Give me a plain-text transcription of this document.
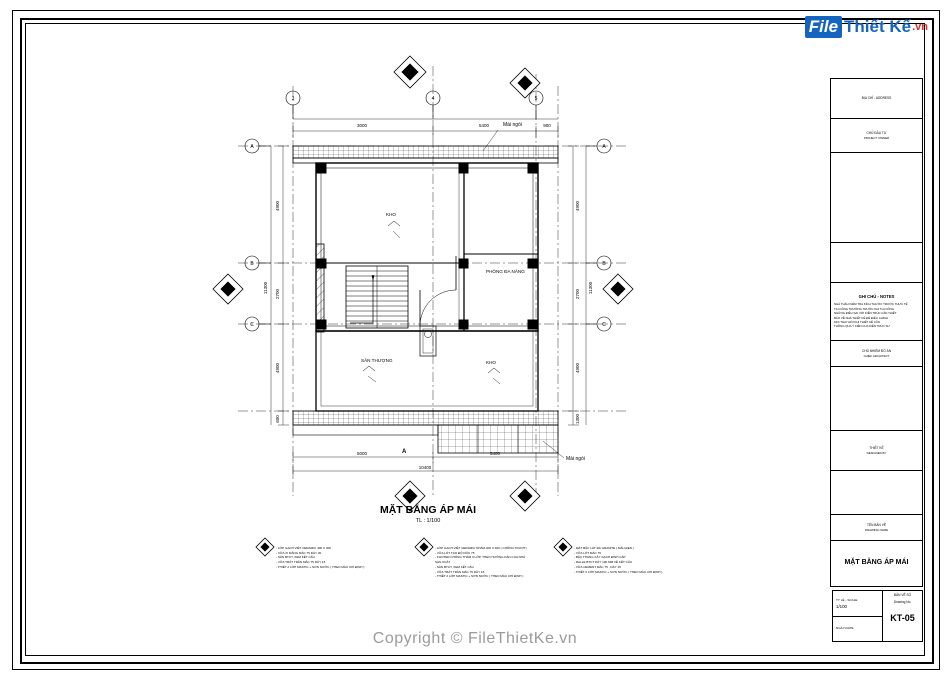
File Thiết Kế .vn
3000	5400	900
5000	5400
10400
4900
2700
4900
600
11300
4900
2700
4900
1300
11300
3	4	5
A
B
C
A
B
C
Mái ngói
KHO
PHÒNG ĐA NĂNG
SÂN THƯỢNG	KHO
Mái ngói
A
MẶT BẰNG ÁP MÁI
TL : 1/100
- LỚP GẠCH VIỆT CERAMIC 400 X 400
- VỮA XI MĂNG MÁC 75 DÀY 20
- SÀN BTCT, XEM KẾT CẤU
- VỮA TRÁT TRẦN MÁC 75 DÀY 15
- THIẾT 2 LỚP MASTIC + SƠN NƯỚC ( THEO MÀU CHỈ ĐỊNH )
- LỚP GẠCH VIỆT CERAMIC NHÁM 400 X 400 ( CHỐNG TRƯỢT)
- VỮA LÓT TẠO ĐỘ DỐC 75
- FLINTER CHỐNG THẤM 3 LỚP, THEO HƯỚNG DẪN CỦA NHÀ
SẢN XUẤT
- SÀN BTCT, XEM KẾT CẤU
- VỮA TRÁT TRẦN MÁC 75 DÀY 15
- THIẾT 2 LỚP MASTIC + SƠN NƯỚC ( THEO MÀU CHỈ ĐỊNH )
- MẶT BẬC LÁT ĐÁ GRANITE ( MÀU ĐEN )
- VỮA LÓT MÁC 75
- BẬC THANG XÂY GẠCH ĐINH CẤP
- DALLE BTCT DÀY 100 MM VỀ KẾT CẤU
- VỮA CEMENT MÁC 75 , DÀY 15
- THIẾT 2 LỚP MASTIC + SƠN NƯỚC ( THEO MÀU CHỈ ĐỊNH )
ĐỊA CHỈ - ADDRESS
CHỦ ĐẦU TƯ
PROJECT OWNER
GHI CHÚ - NOTES
NHÀ THẦU KIỂM TRA KÍCH THƯỚC TRƯỚC THỰC TẾ
TẠI CÔNG TRƯỜNG TRƯỚC KHI THI CÔNG
NHỮNG ĐIỀU SAI VỚI KIẾN TRÚC CẦN THIẾT
BÁO VỀ NHÀ THIẾT KẾ ĐỂ ĐIỀU CHỈNH
MOI THAY ĐỔI KHI THIẾT KẾ CẦN
THÔNG QUA Ý KIẾN CỦA KIẾN TRÚC SƯ
CHỦ NHIỆM ĐỒ ÁN
CHIEF ARCHITECT
THIẾT KẾ
DESIGNED BY
TÊN BẢN VẼ
DRAWING NAME
MẶT BẰNG ÁP MÁI
TỶ LỆ - SCALE
1/100
NGÀY-DATE
BẢN VẼ SỐ
Drawing No.
KT-05
Copyright © FileThietKe.vn
